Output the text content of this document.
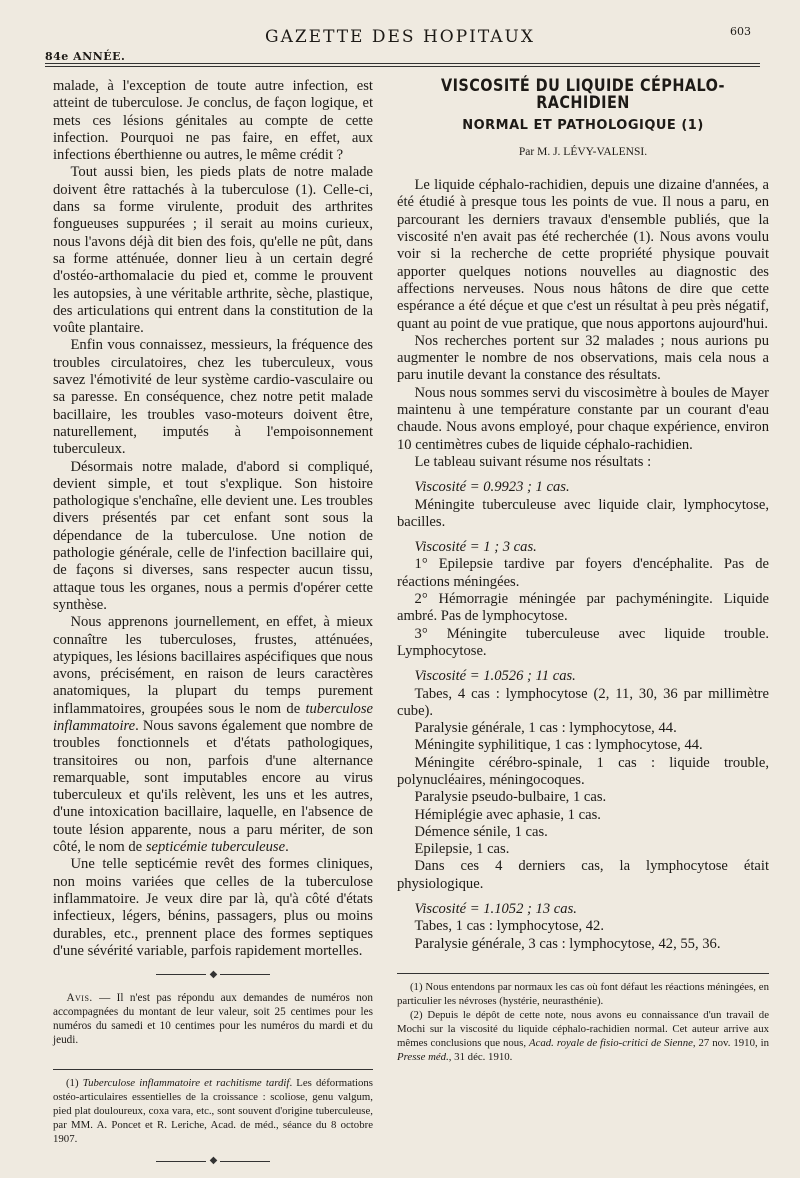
84e ANNÉE.
GAZETTE DES HOPITAUX	603

malade, à l'exception de toute autre infection, est atteint de tuberculose. Je conclus, de façon logique, et mets ces lésions génitales au compte de cette infection. Pourquoi ne pas faire, en effet, aux infections éberthienne ou autres, le même crédit ?

Tout aussi bien, les pieds plats de notre malade doivent être rattachés à la tuberculose (1). Celle-ci, dans sa forme virulente, produit des arthrites fongueuses suppurées ; il serait au moins curieux, nous l'avons déjà dit bien des fois, qu'elle ne pût, dans sa forme atténuée, donner lieu à un certain degré d'ostéo-arthomalacie du pied et, comme le prouvent les autopsies, à une véritable arthrite, sèche, plastique, des articulations qui entrent dans la constitution de la voûte plantaire.

Enfin vous connaissez, messieurs, la fréquence des troubles circulatoires, chez les tuberculeux, vous savez l'émotivité de leur système cardio-vasculaire ou sa paresse. En conséquence, chez notre petit malade bacillaire, les troubles vaso-moteurs doivent être, naturellement, imputés à l'empoisonnement tuberculeux.

Désormais notre malade, d'abord si compliqué, devient simple, et tout s'explique. Son histoire pathologique s'enchaîne, elle devient une. Les troubles divers présentés par cet enfant sont sous la dépendance de la tuberculose. Une notion de pathologie générale, celle de l'infection bacillaire qui, de façons si diverses, sans respecter aucun tissu, attaque tous les organes, nous a permis d'opérer cette synthèse.

Nous apprenons journellement, en effet, à mieux connaître les tuberculoses, frustes, atténuées, atypiques, les lésions bacillaires aspécifiques que nous avons, précisément, en raison de leurs caractères anatomiques, la plupart du temps purement inflammatoires, groupées sous le nom de tuberculose inflammatoire. Nous savons également que nombre de troubles fonctionnels et d'états pathologiques, transitoires ou non, parfois d'une alternance remarquable, sont imputables encore au virus tuberculeux et qu'ils relèvent, les uns et les autres, d'une intoxication bacillaire, laquelle, en l'absence de toute lésion apparente, nous a paru mériter, de son côté, le nom de septicémie tuberculeuse.

Une telle septicémie revêt des formes cliniques, non moins variées que celles de la tuberculose inflammatoire. Je veux dire par là, qu'à côté d'états infectieux, légers, bénins, passagers, plus ou moins durables, etc., prennent place des formes septiques d'une sévérité variable, parfois rapidement mortelles.

◆

Avis. — Il n'est pas répondu aux demandes de numéros non accompagnées du montant de leur valeur, soit 25 centimes pour les numéros du samedi et 10 centimes pour les numéros du mardi et du jeudi.

(1) Tuberculose inflammatoire et rachitisme tardif. Les déformations ostéo-articulaires essentielles de la croissance : scoliose, genu valgum, pied plat douloureux, coxa vara, etc., sont souvent d'origine tuberculeuse, par MM. A. Poncet et R. Leriche, Acad. de méd., séance du 8 octobre 1907.

◆
VISCOSITÉ DU LIQUIDE CÉPHALO-RACHIDIEN
NORMAL ET PATHOLOGIQUE (1)
Par M. J. LÉVY-VALENSI.

Le liquide céphalo-rachidien, depuis une dizaine d'années, a été étudié à presque tous les points de vue. Il nous a paru, en parcourant les derniers travaux d'ensemble publiés, que la viscosité n'en avait pas été recherchée (1). Nous avons voulu voir si la recherche de cette propriété physique pouvait apporter quelques notions nouvelles au diagnostic des affections nerveuses. Nous nous hâtons de dire que cette espérance a été déçue et que c'est un résultat à peu près négatif, quant au point de vue pratique, que nous apportons aujourd'hui.

Nos recherches portent sur 32 malades ; nous aurions pu augmenter le nombre de nos observations, mais cela nous a paru inutile devant la constance des résultats.

Nous nous sommes servi du viscosimètre à boules de Mayer maintenu à une température constante par un courant d'eau chaude. Nous avons employé, pour chaque expérience, environ 10 centimètres cubes de liquide céphalo-rachidien.

Le tableau suivant résume nos résultats :

Viscosité = 0.9923 ; 1 cas.

Méningite tuberculeuse avec liquide clair, lymphocytose, bacilles.

Viscosité = 1 ; 3 cas.

1° Epilepsie tardive par foyers d'encéphalite. Pas de réactions méningées.

2° Hémorragie méningée par pachyméningite. Liquide ambré. Pas de lymphocytose.

3° Méningite tuberculeuse avec liquide trouble. Lymphocytose.

Viscosité = 1.0526 ; 11 cas.

Tabes, 4 cas : lymphocytose (2, 11, 30, 36 par millimètre cube).

Paralysie générale, 1 cas : lymphocytose, 44.

Méningite syphilitique, 1 cas : lymphocytose, 44.

Méningite cérébro-spinale, 1 cas : liquide trouble, polynucléaires, méningocoques.

Paralysie pseudo-bulbaire, 1 cas.

Hémiplégie avec aphasie, 1 cas.

Démence sénile, 1 cas.

Epilepsie, 1 cas.

Dans ces 4 derniers cas, la lymphocytose était physiologique.

Viscosité = 1.1052 ; 13 cas.

Tabes, 1 cas : lymphocytose, 42.

Paralysie générale, 3 cas : lymphocytose, 42, 55, 36.

(1) Nous entendons par normaux les cas où font défaut les réactions méningées, en particulier les névroses (hystérie, neurasthénie).

(2) Depuis le dépôt de cette note, nous avons eu connaissance d'un travail de Mochi sur la viscosité du liquide céphalo-rachidien normal. Cet auteur arrive aux mêmes conclusions que nous, Acad. royale de fisio-critici de Sienne, 27 nov. 1910, in Presse méd., 31 déc. 1910.
